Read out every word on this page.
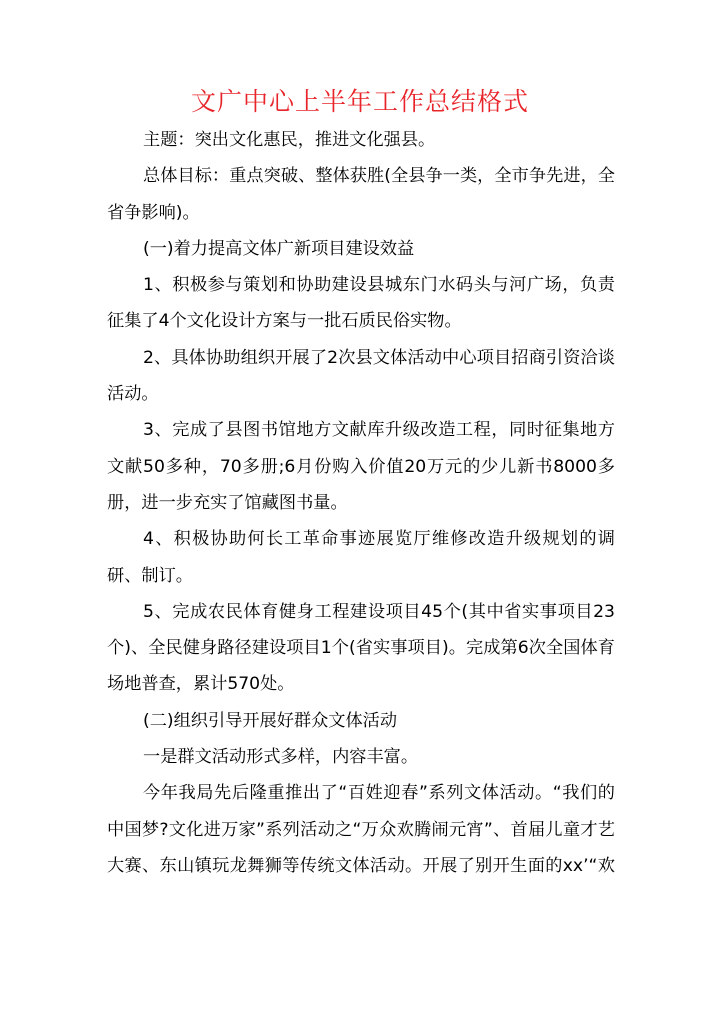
文广中心上半年工作总结格式

主题：突出文化惠民，推进文化强县。

总体目标：重点突破、整体获胜(全县争一类，全市争先进，全省争影响)。

(一)着力提高文体广新项目建设效益

1、积极参与策划和协助建设县城东门水码头与河广场，负责征集了4个文化设计方案与一批石质民俗实物。

2、具体协助组织开展了2次县文体活动中心项目招商引资洽谈活动。

3、完成了县图书馆地方文献库升级改造工程，同时征集地方文献50多种，70多册;6月份购入价值20万元的少儿新书8000多册，进一步充实了馆藏图书量。

4、积极协助何长工革命事迹展览厅维修改造升级规划的调研、制订。

5、完成农民体育健身工程建设项目45个(其中省实事项目23个)、全民健身路径建设项目1个(省实事项目)。完成第6次全国体育场地普查，累计570处。

(二)组织引导开展好群众文体活动

一是群文活动形式多样，内容丰富。

今年我局先后隆重推出了“百姓迎春”系列文体活动。“我们的中国梦?文化进万家”系列活动之“万众欢腾闹元宵”、首届儿童才艺大赛、东山镇玩龙舞狮等传统文体活动。开展了别开生面的xx’“欢
